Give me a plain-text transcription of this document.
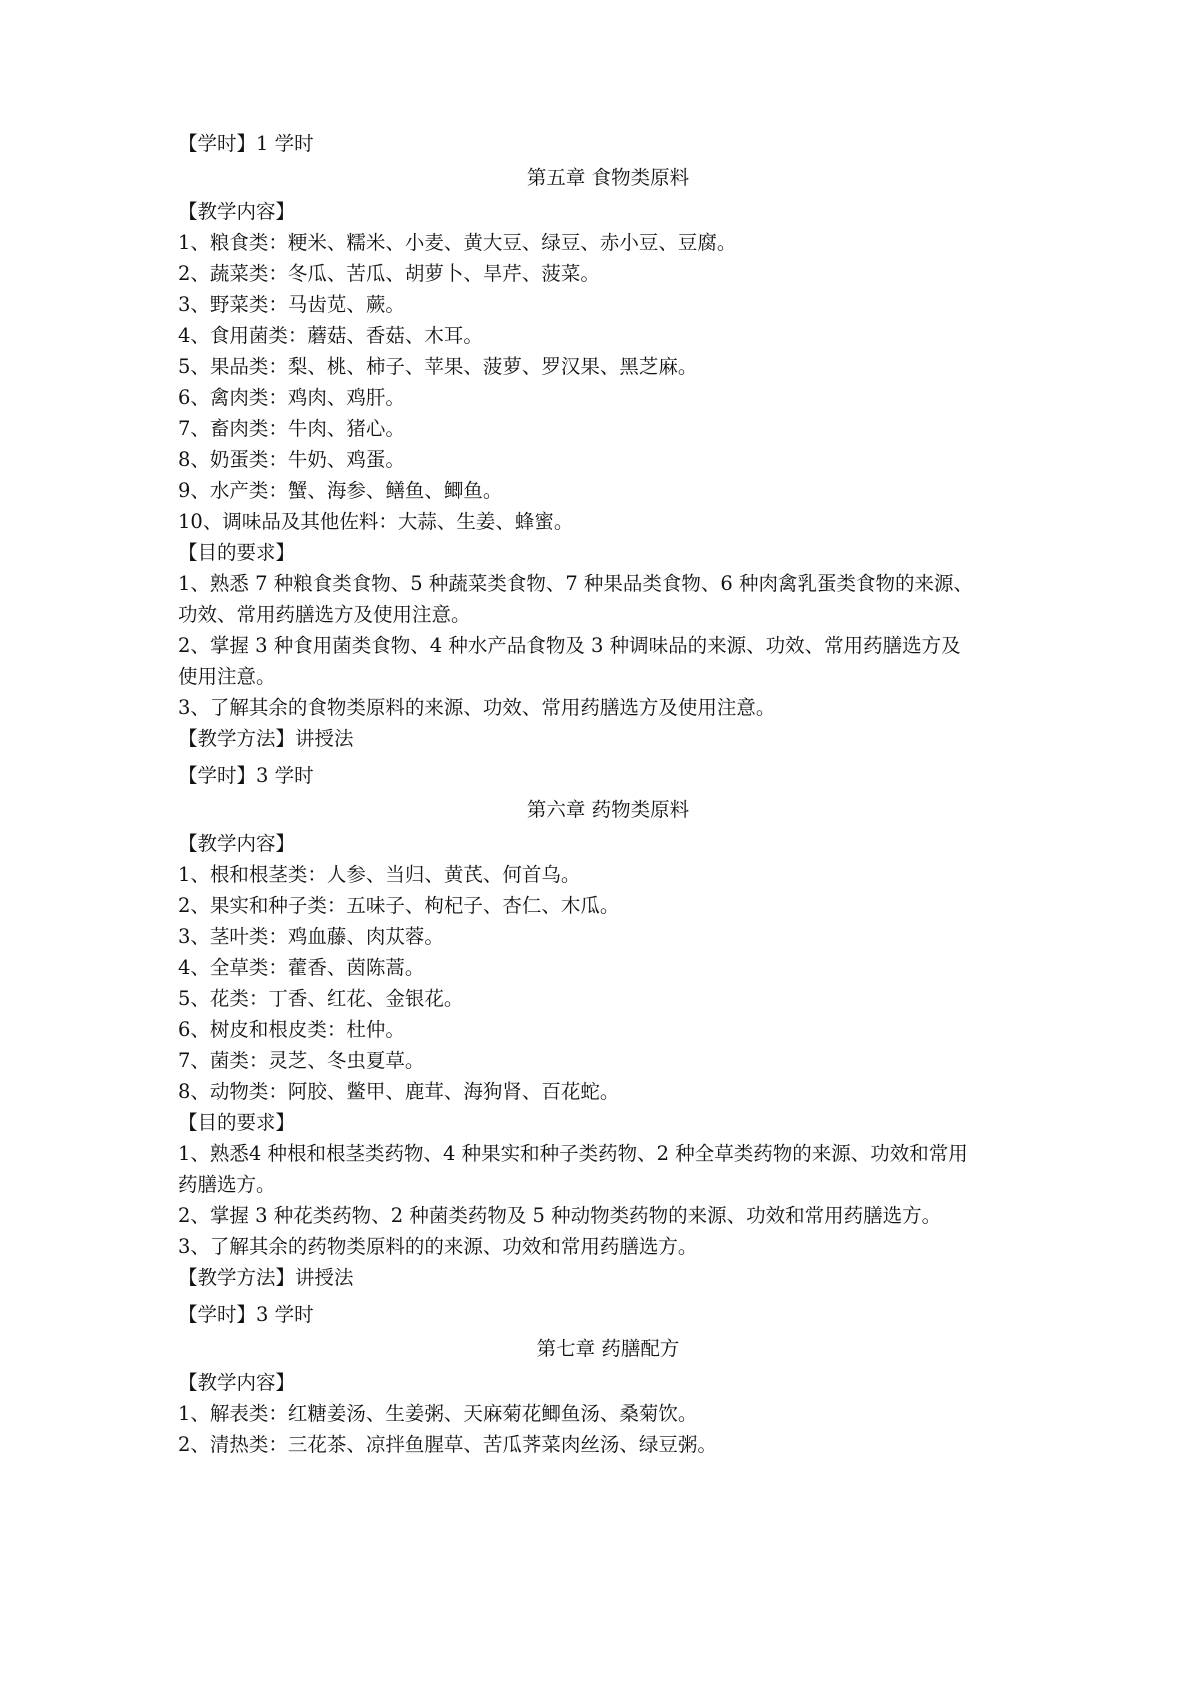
【学时】1 学时
第五章 食物类原料
【教学内容】
1、粮食类：粳米、糯米、小麦、黄大豆、绿豆、赤小豆、豆腐。
2、蔬菜类：冬瓜、苦瓜、胡萝卜、旱芹、菠菜。
3、野菜类：马齿苋、蕨。
4、食用菌类：蘑菇、香菇、木耳。
5、果品类：梨、桃、柿子、苹果、菠萝、罗汉果、黑芝麻。
6、禽肉类：鸡肉、鸡肝。
7、畜肉类：牛肉、猪心。
8、奶蛋类：牛奶、鸡蛋。
9、水产类：蟹、海参、鳝鱼、鲫鱼。
10、调味品及其他佐料：大蒜、生姜、蜂蜜。
【目的要求】
1、熟悉 7 种粮食类食物、5 种蔬菜类食物、7 种果品类食物、6 种肉禽乳蛋类食物的来源、
功效、常用药膳选方及使用注意。
2、掌握 3 种食用菌类食物、4 种水产品食物及 3 种调味品的来源、功效、常用药膳选方及
使用注意。
3、了解其余的食物类原料的来源、功效、常用药膳选方及使用注意。
【教学方法】讲授法
【学时】3 学时
第六章 药物类原料
【教学内容】
1、根和根茎类：人参、当归、黄芪、何首乌。
2、果实和种子类：五味子、枸杞子、杏仁、木瓜。
3、茎叶类：鸡血藤、肉苁蓉。
4、全草类：藿香、茵陈蒿。
5、花类：丁香、红花、金银花。
6、树皮和根皮类：杜仲。
7、菌类：灵芝、冬虫夏草。
8、动物类：阿胶、鳖甲、鹿茸、海狗肾、百花蛇。
【目的要求】
1、熟悉4 种根和根茎类药物、4 种果实和种子类药物、2 种全草类药物的来源、功效和常用
药膳选方。
2、掌握 3 种花类药物、2 种菌类药物及 5 种动物类药物的来源、功效和常用药膳选方。
3、了解其余的药物类原料的的来源、功效和常用药膳选方。
【教学方法】讲授法
【学时】3 学时
第七章 药膳配方
【教学内容】
1、解表类：红糖姜汤、生姜粥、天麻菊花鲫鱼汤、桑菊饮。
2、清热类：三花茶、凉拌鱼腥草、苦瓜荠菜肉丝汤、绿豆粥。
